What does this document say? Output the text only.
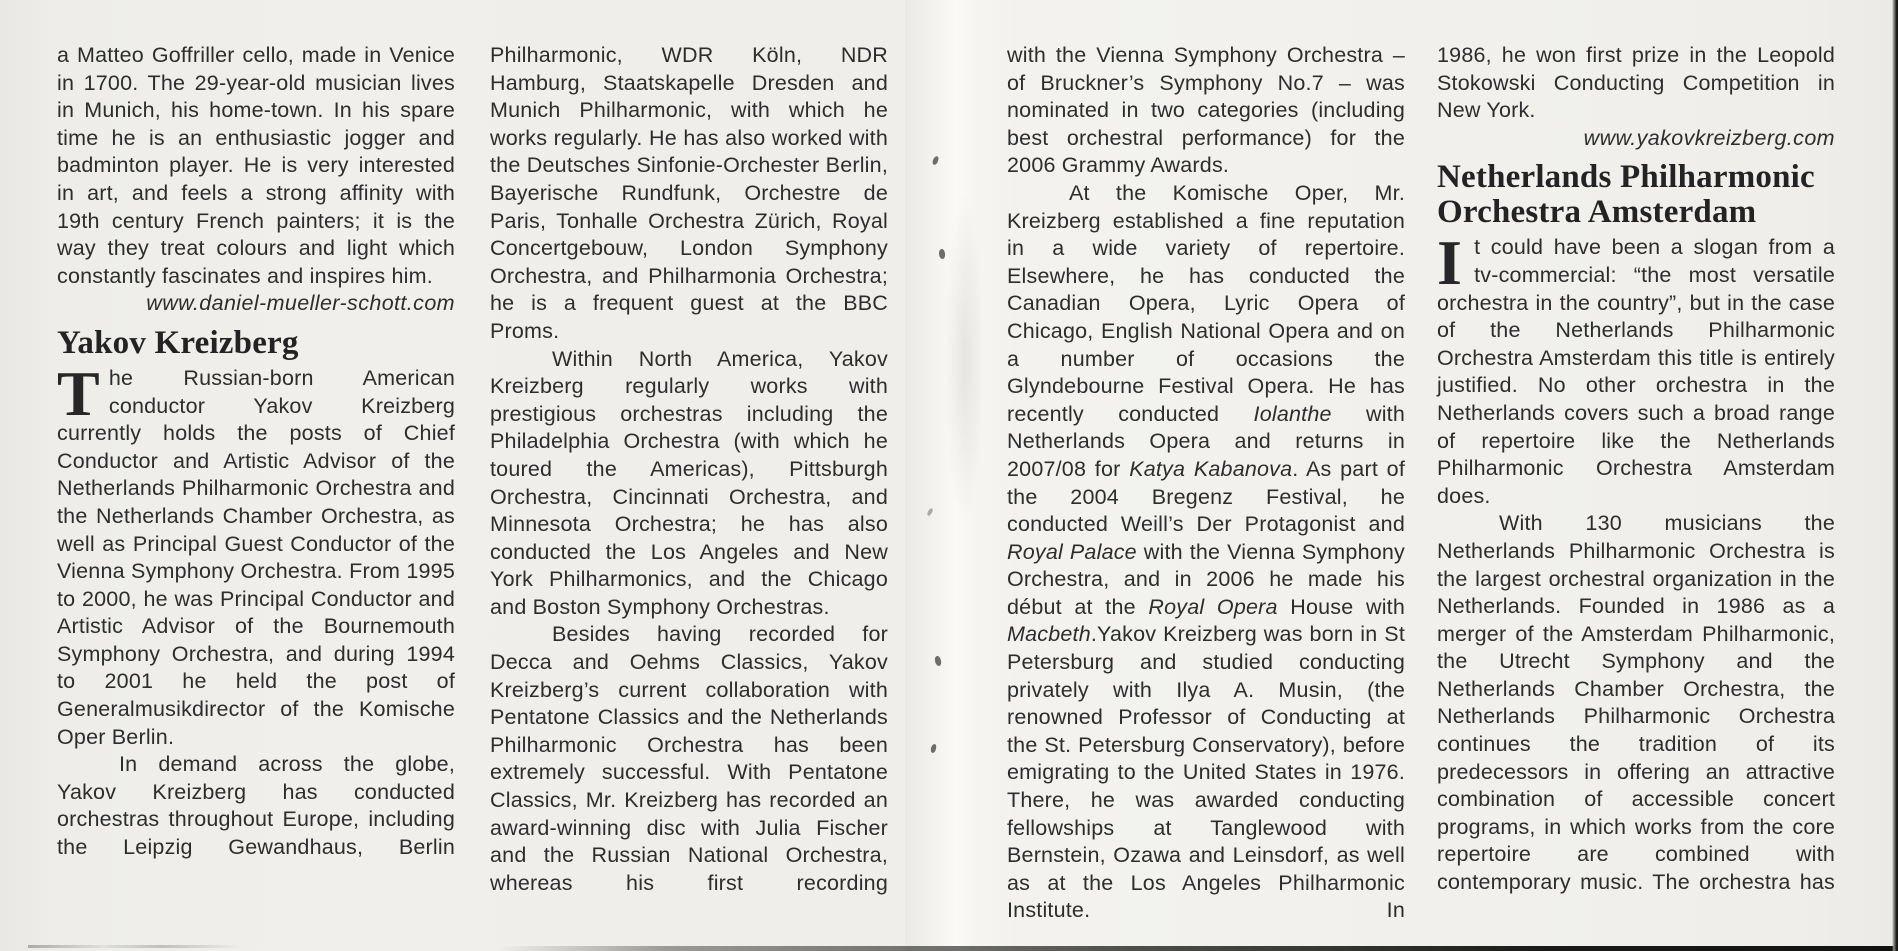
a Matteo Goffriller cello, made in Venice in 1700. The 29-year-old musician lives in Munich, his home-town. In his spare time he is an enthusiastic jogger and badminton player. He is very interested in art, and feels a strong affinity with 19th century French painters; it is the way they treat colours and light which constantly fascinates and inspires him.

www.daniel-mueller-schott.com

Yakov Kreizberg

The Russian-born American conductor Yakov Kreizberg currently holds the posts of Chief Conductor and Artistic Advisor of the Netherlands Philharmonic Orchestra and the Netherlands Chamber Orchestra, as well as Principal Guest Conductor of the Vienna Symphony Orchestra. From 1995 to 2000, he was Principal Conductor and Artistic Advisor of the Bournemouth Symphony Orchestra, and during 1994 to 2001 he held the post of Generalmusikdirector of the Komische Oper Berlin.

In demand across the globe, Yakov Kreizberg has conducted orchestras throughout Europe, including the Leipzig Gewandhaus, Berlin

Philharmonic, WDR Köln, NDR Hamburg, Staatskapelle Dresden and Munich Philharmonic, with which he works regularly. He has also worked with the Deutsches Sinfonie-Orchester Berlin, Bayerische Rundfunk, Orchestre de Paris, Tonhalle Orchestra Zürich, Royal Concertgebouw, London Symphony Orchestra, and Philharmonia Orchestra; he is a frequent guest at the BBC Proms.

Within North America, Yakov Kreizberg regularly works with prestigious orchestras including the Philadelphia Orchestra (with which he toured the Americas), Pittsburgh Orchestra, Cincinnati Orchestra, and Minnesota Orchestra; he has also conducted the Los Angeles and New York Philharmonics, and the Chicago and Boston Symphony Orchestras.

Besides having recorded for Decca and Oehms Classics, Yakov Kreizberg’s current collaboration with Pentatone Classics and the Netherlands Philharmonic Orchestra has been extremely successful. With Pentatone Classics, Mr. Kreizberg has recorded an award-winning disc with Julia Fischer and the Russian National Orchestra, whereas his first recording

with the Vienna Symphony Orchestra – of Bruckner’s Symphony No.7 – was nominated in two categories (including best orchestral performance) for the 2006 Grammy Awards.

At the Komische Oper, Mr. Kreizberg established a fine reputation in a wide variety of repertoire. Elsewhere, he has conducted the Canadian Opera, Lyric Opera of Chicago, English National Opera and on a number of occasions the Glyndebourne Festival Opera. He has recently conducted Iolanthe with Netherlands Opera and returns in 2007/08 for Katya Kabanova. As part of the 2004 Bregenz Festival, he conducted Weill’s Der Protagonist and Royal Palace with the Vienna Symphony Orchestra, and in 2006 he made his début at the Royal Opera House with Macbeth.Yakov Kreizberg was born in St Petersburg and studied conducting privately with Ilya A. Musin, (the renowned Professor of Conducting at the St. Petersburg Conservatory), before emigrating to the United States in 1976. There, he was awarded conducting fellowships at Tanglewood with Bernstein, Ozawa and Leinsdorf, as well as at the Los Angeles Philharmonic Institute. In

1986, he won first prize in the Leopold Stokowski Conducting Competition in New York.

www.yakovkreizberg.com

Netherlands Philharmonic Orchestra Amsterdam

It could have been a slogan from a tv-commercial: “the most versatile orchestra in the country”, but in the case of the Netherlands Philharmonic Orchestra Amsterdam this title is entirely justified. No other orchestra in the Netherlands covers such a broad range of repertoire like the Netherlands Philharmonic Orchestra Amsterdam does.

With 130 musicians the Netherlands Philharmonic Orchestra is the largest orchestral organization in the Netherlands. Founded in 1986 as a merger of the Amsterdam Philharmonic, the Utrecht Symphony and the Netherlands Chamber Orchestra, the Netherlands Philharmonic Orchestra continues the tradition of its predecessors in offering an attractive combination of accessible concert programs, in which works from the core repertoire are combined with contemporary music. The orchestra has
